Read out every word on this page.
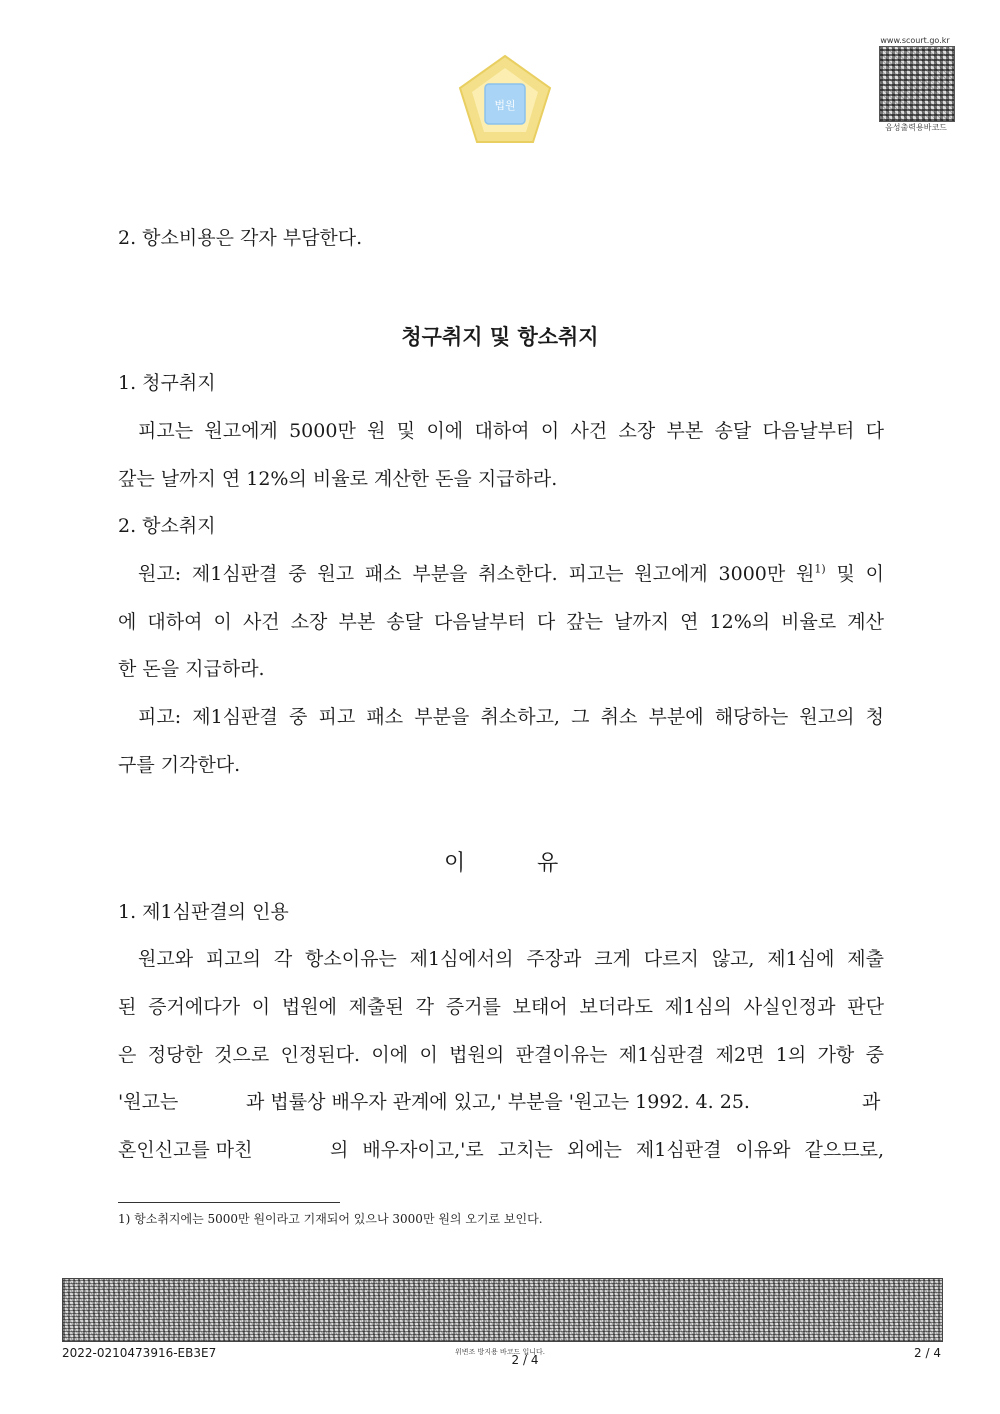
법원
www.scourt.go.kr
음성출력용바코드
2. 항소비용은 각자 부담한다.
청구취지 및 항소취지
1. 청구취지
피고는 원고에게 5000만 원 및 이에 대하여 이 사건 소장 부본 송달 다음날부터 다
갚는 날까지 연 12%의 비율로 계산한 돈을 지급하라.
2. 항소취지
원고: 제1심판결 중 원고 패소 부분을 취소한다. 피고는 원고에게 3000만 원$^{1)}$ 및 이
에 대하여 이 사건 소장 부본 송달 다음날부터 다 갚는 날까지 연 12%의 비율로 계산
한 돈을 지급하라.
피고: 제1심판결 중 피고 패소 부분을 취소하고, 그 취소 부분에 해당하는 원고의 청
구를 기각한다.
이	유
1. 제1심판결의 인용
원고와 피고의 각 항소이유는 제1심에서의 주장과 크게 다르지 않고, 제1심에 제출
된 증거에다가 이 법원에 제출된 각 증거를 보태어 보더라도 제1심의 사실인정과 판단
은 정당한 것으로 인정된다. 이에 이 법원의 판결이유는 제1심판결 제2면 1의 가항 중
'원고는	과 법률상 배우자 관계에 있고,' 부분을 '원고는 1992. 4. 25.	과
혼인신고를 마친	의 배우자이고,'로 고치는 외에는 제1심판결 이유와 같으므로,
1) 항소취지에는 5000만 원이라고 기재되어 있으나 3000만 원의 오기로 보인다.
2022-0210473916-EB3E7	위변조 방지용 바코드 입니다.
2 / 4	2 / 4
